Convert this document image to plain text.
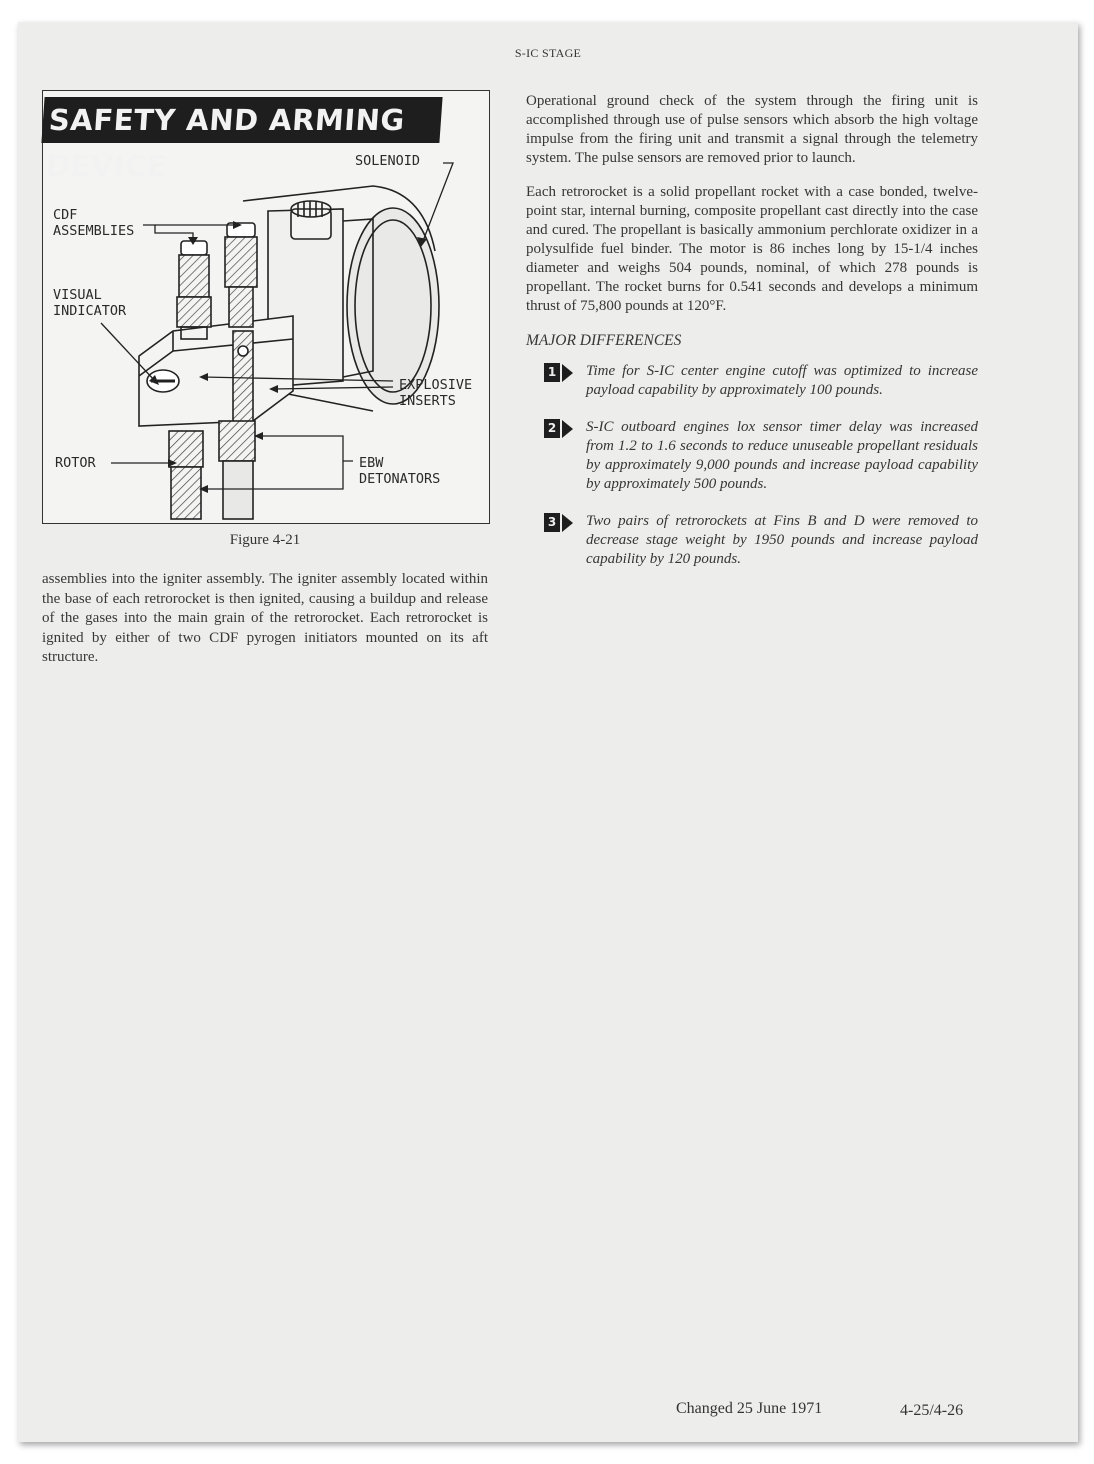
S-IC STAGE
SAFETY AND ARMING DEVICE	SOLENOID
CDF
ASSEMBLIES
VISUAL
INDICATOR
EXPLOSIVE
INSERTS
ROTOR	EBW
DETONATORS
Figure 4-21
assemblies into the igniter assembly. The igniter assembly located within the base of each retrorocket is then ignited, causing a buildup and release of the gases into the main grain of the retrorocket. Each retrorocket is ignited by either of two CDF pyrogen initiators mounted on its aft structure.

Operational ground check of the system through the firing unit is accomplished through use of pulse sensors which absorb the high voltage impulse from the firing unit and transmit a signal through the telemetry system. The pulse sensors are removed prior to launch.

Each retrorocket is a solid propellant rocket with a case bonded, twelve-point star, internal burning, composite propellant cast directly into the case and cured. The propellant is basically ammonium perchlorate oxidizer in a polysulfide fuel binder. The motor is 86 inches long by 15-1/4 inches diameter and weighs 504 pounds, nominal, of which 278 pounds is propellant. The rocket burns for 0.541 seconds and develops a minimum thrust of 75,800 pounds at 120°F.

MAJOR DIFFERENCES
1 Time for S-IC center engine cutoff was optimized to increase payload capability by approximately 100 pounds.
2 S-IC outboard engines lox sensor timer delay was increased from 1.2 to 1.6 seconds to reduce unuseable propellant residuals by approximately 9,000 pounds and increase payload capability by approximately 500 pounds.
3 Two pairs of retrorockets at Fins B and D were removed to decrease stage weight by 1950 pounds and increase payload capability by 120 pounds.
Changed 25 June 1971	4-25/4-26
